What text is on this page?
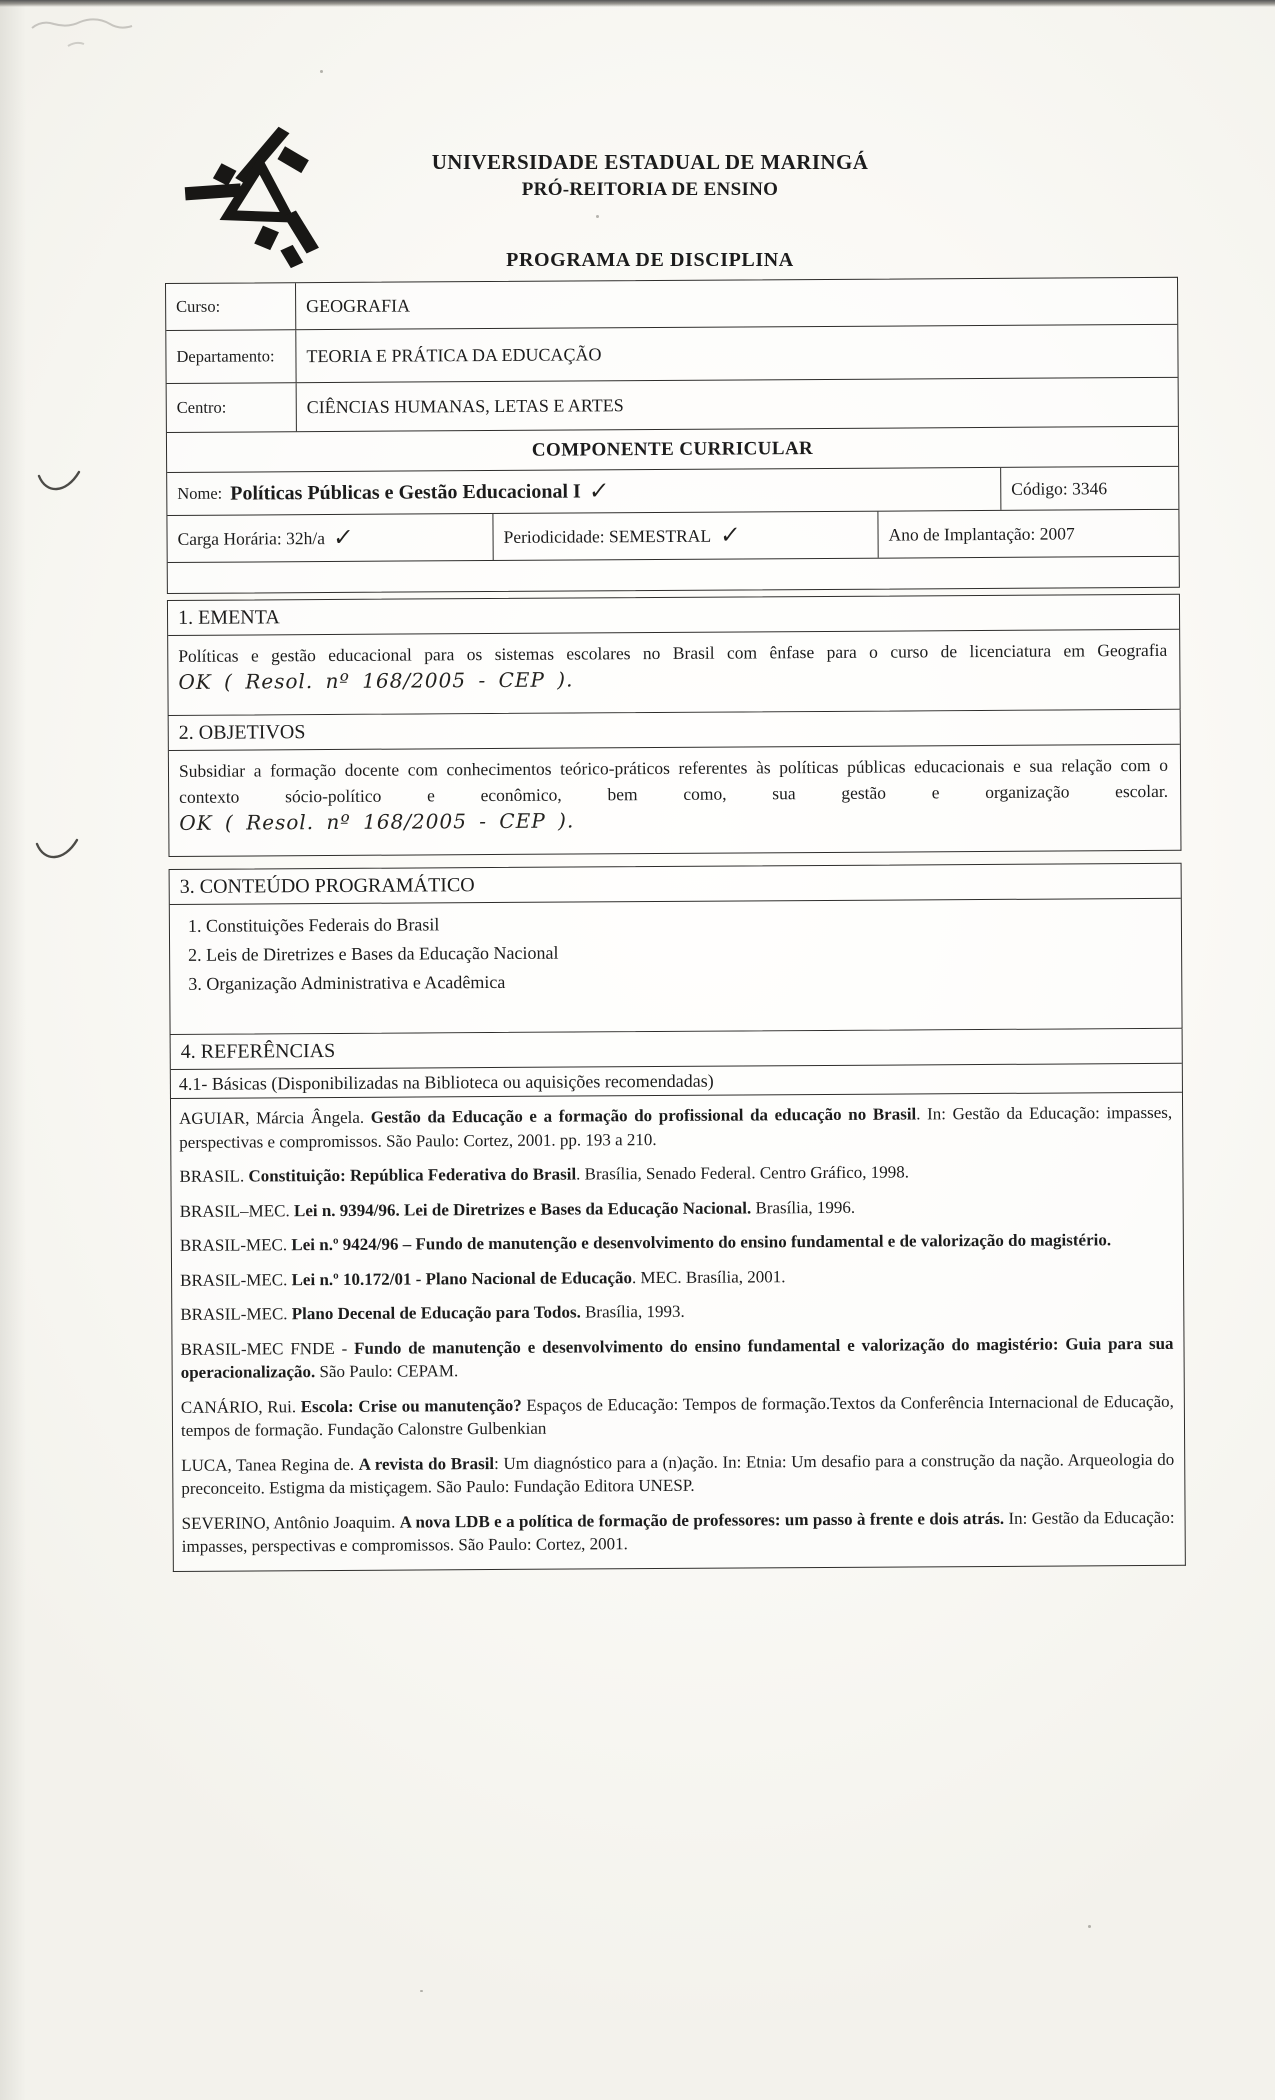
UNIVERSIDADE ESTADUAL DE MARINGÁ
PRÓ-REITORIA DE ENSINO
PROGRAMA DE DISCIPLINA
Curso:	GEOGRAFIA
Departamento:	TEORIA E PRÁTICA DA EDUCAÇÃO
Centro:	CIÊNCIAS HUMANAS, LETAS E ARTES
COMPONENTE CURRICULAR
Nome: Políticas Públicas e Gestão Educacional I ✓	Código: 3346
Carga Horária: 32h/a ✓	Periodicidade: SEMESTRAL ✓	Ano de Implantação: 2007
1. EMENTA
Políticas e gestão educacional para os sistemas escolares no Brasil com ênfase para o curso de licenciatura em Geografia OK ( Resol. nº 168/2005 - CEP ).
2. OBJETIVOS
Subsidiar a formação docente com conhecimentos teórico-práticos referentes às políticas públicas educacionais e sua relação com o contexto sócio-político e econômico, bem como, sua gestão e organização escolar. OK ( Resol. nº 168/2005 - CEP ).
3. CONTEÚDO PROGRAMÁTICO
1. Constituições Federais do Brasil
2. Leis de Diretrizes e Bases da Educação Nacional
3. Organização Administrativa e Acadêmica
4. REFERÊNCIAS
4.1- Básicas (Disponibilizadas na Biblioteca ou aquisições recomendadas)
AGUIAR, Márcia Ângela. Gestão da Educação e a formação do profissional da educação no Brasil. In: Gestão da Educação: impasses, perspectivas e compromissos. São Paulo: Cortez, 2001. pp. 193 a 210.
BRASIL. Constituição: República Federativa do Brasil. Brasília, Senado Federal. Centro Gráfico, 1998.
BRASIL–MEC. Lei n. 9394/96. Lei de Diretrizes e Bases da Educação Nacional. Brasília, 1996.
BRASIL-MEC. Lei n.º 9424/96 – Fundo de manutenção e desenvolvimento do ensino fundamental e de valorização do magistério.
BRASIL-MEC. Lei n.º 10.172/01 - Plano Nacional de Educação. MEC. Brasília, 2001.
BRASIL-MEC. Plano Decenal de Educação para Todos. Brasília, 1993.
BRASIL-MEC FNDE - Fundo de manutenção e desenvolvimento do ensino fundamental e valorização do magistério: Guia para sua operacionalização. São Paulo: CEPAM.
CANÁRIO, Rui. Escola: Crise ou manutenção? Espaços de Educação: Tempos de formação.Textos da Conferência Internacional de Educação, tempos de formação. Fundação Calonstre Gulbenkian
LUCA, Tanea Regina de. A revista do Brasil: Um diagnóstico para a (n)ação. In: Etnia: Um desafio para a construção da nação. Arqueologia do preconceito. Estigma da mistiçagem. São Paulo: Fundação Editora UNESP.
SEVERINO, Antônio Joaquim. A nova LDB e a política de formação de professores: um passo à frente e dois atrás. In: Gestão da Educação: impasses, perspectivas e compromissos. São Paulo: Cortez, 2001.
